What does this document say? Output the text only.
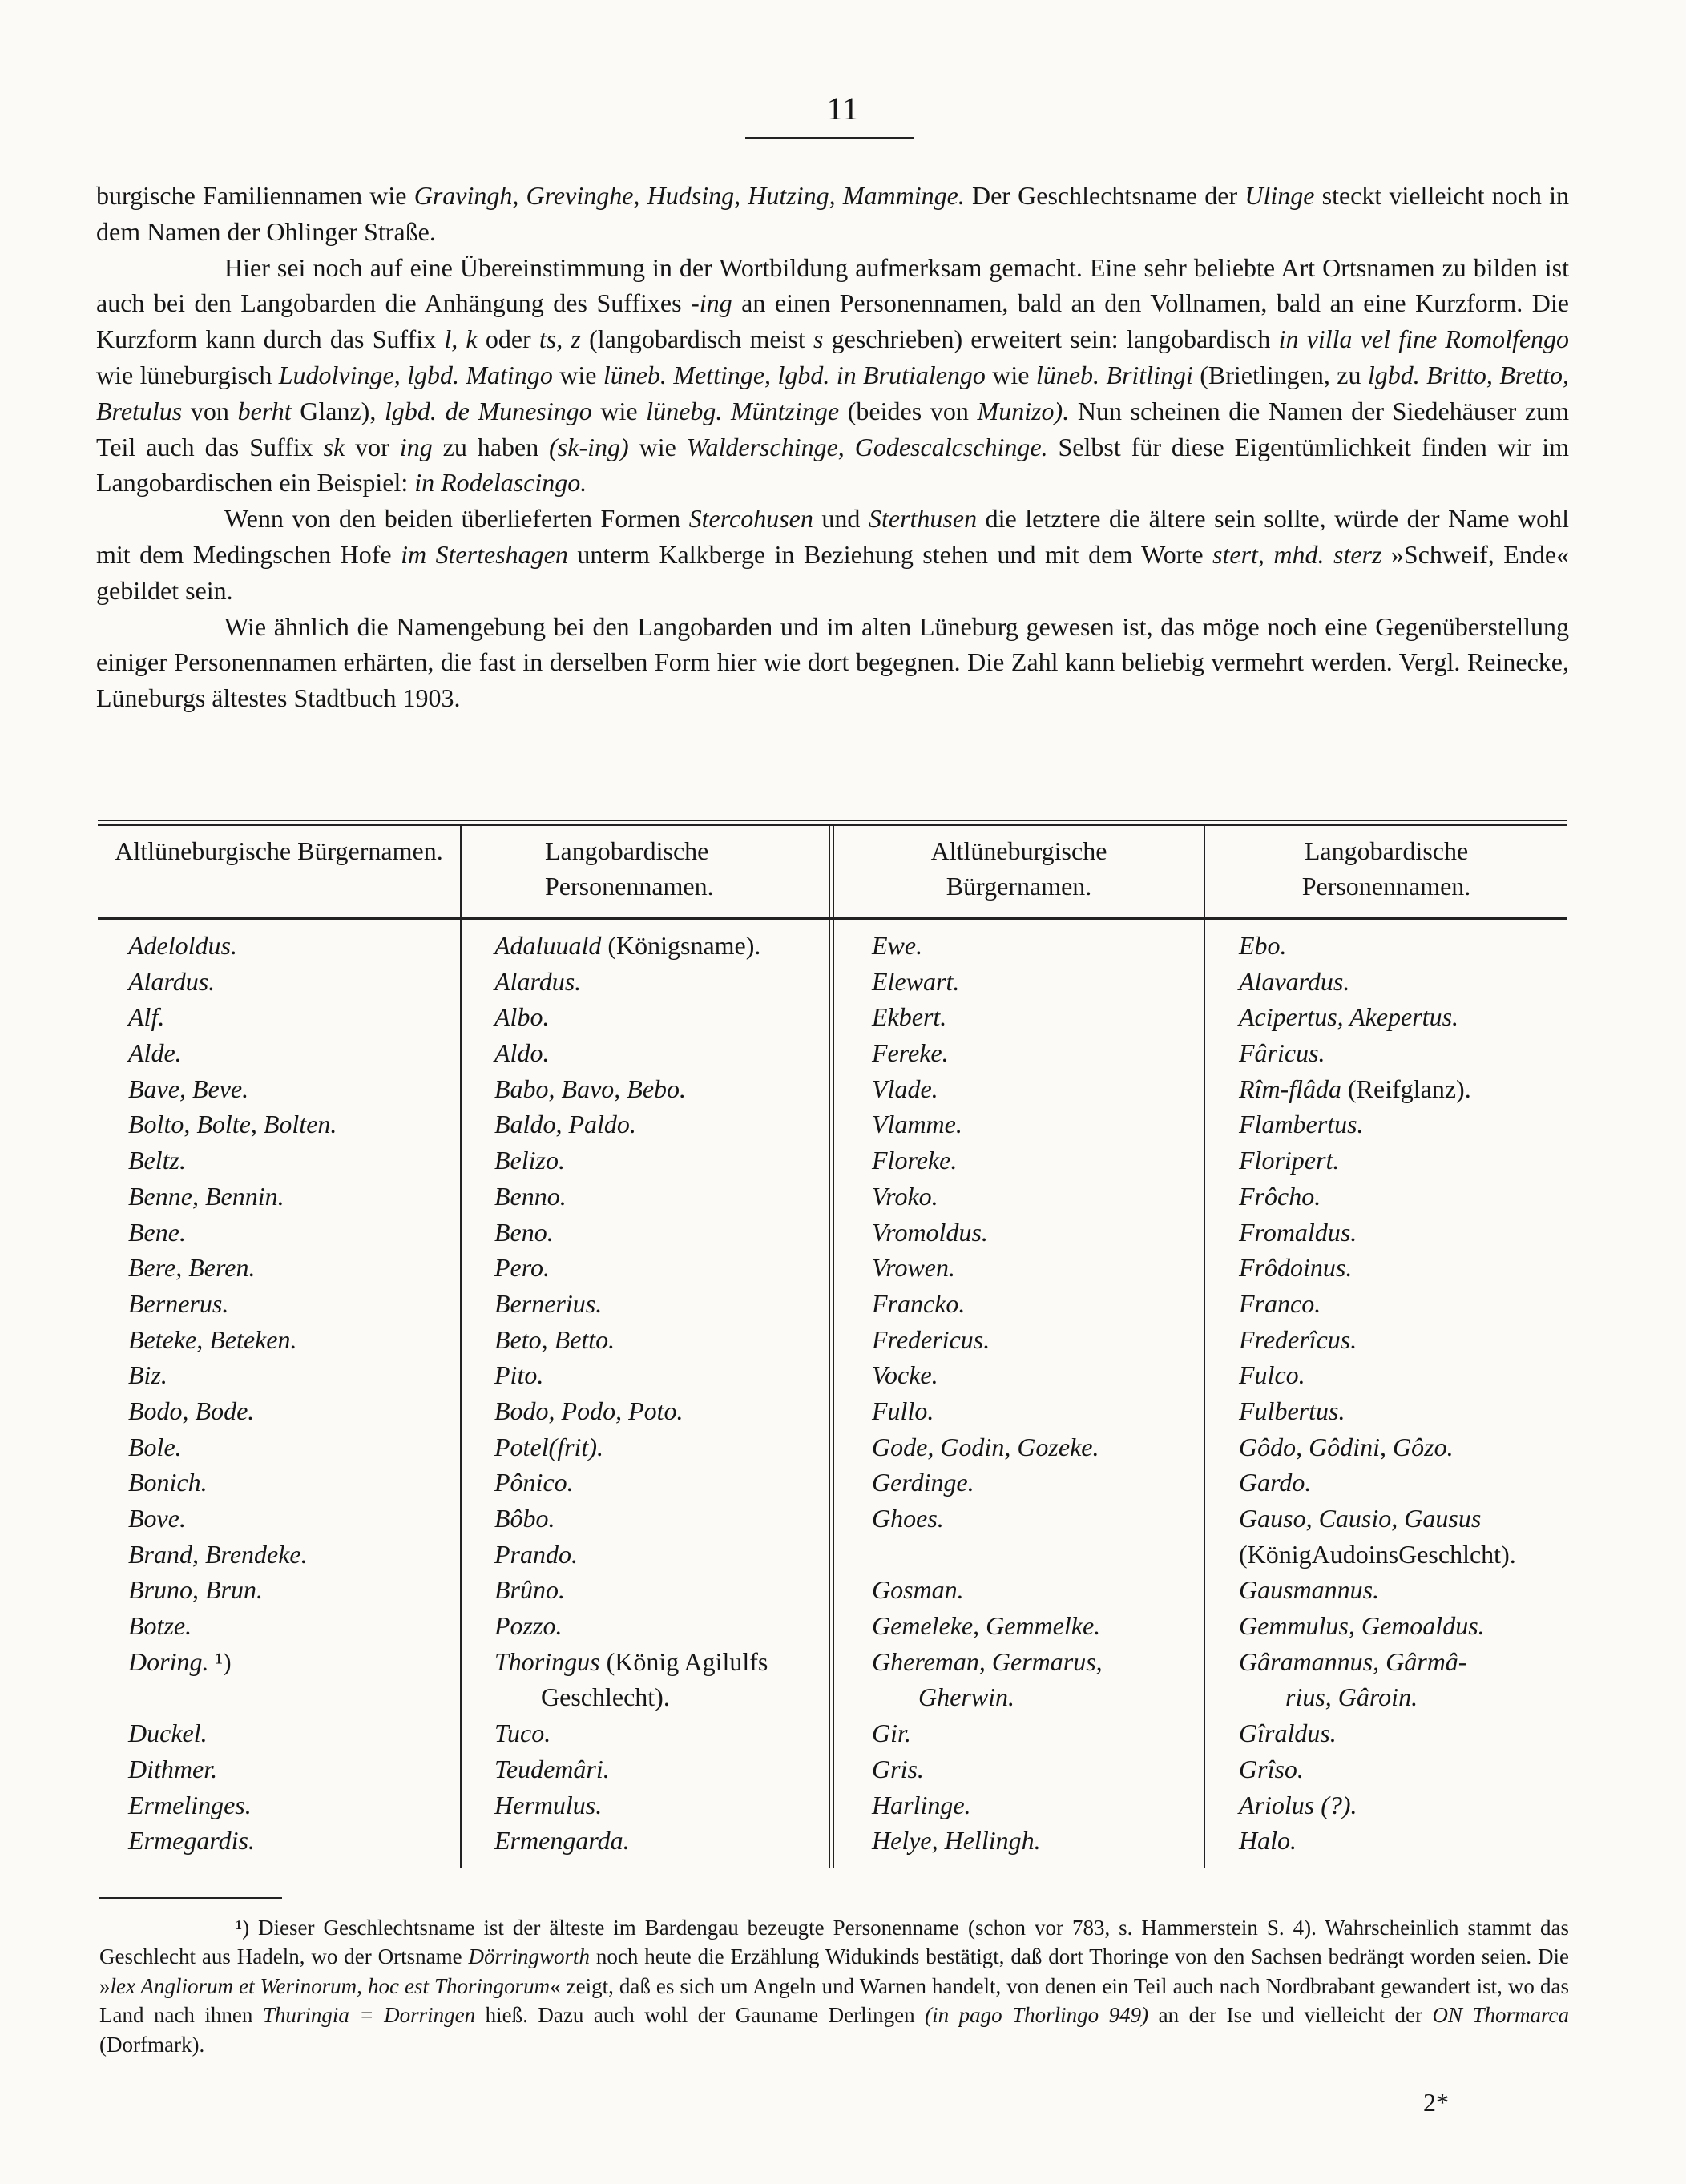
11

burgische Familiennamen wie Gravingh, Grevinghe, Hudsing, Hutzing, Mamminge. Der Geschlechtsname der Ulinge steckt vielleicht noch in dem Namen der Ohlinger Straße.

Hier sei noch auf eine Übereinstimmung in der Wortbildung aufmerksam gemacht. Eine sehr beliebte Art Ortsnamen zu bilden ist auch bei den Langobarden die Anhängung des Suffixes -ing an einen Personennamen, bald an den Vollnamen, bald an eine Kurzform. Die Kurzform kann durch das Suffix l, k oder ts, z (langobardisch meist s geschrieben) erweitert sein: langobardisch in villa vel fine Romolfengo wie lüneburgisch Ludolvinge, lgbd. Matingo wie lüneb. Mettinge, lgbd. in Brutialengo wie lüneb. Britlingi (Brietlingen, zu lgbd. Britto, Bretto, Bretulus von berht Glanz), lgbd. de Munesingo wie lünebg. Müntzinge (beides von Munizo). Nun scheinen die Namen der Siedehäuser zum Teil auch das Suffix sk vor ing zu haben (sk-ing) wie Walderschinge, Godescalcschinge. Selbst für diese Eigentümlichkeit finden wir im Langobardischen ein Beispiel: in Rodelascingo.

Wenn von den beiden überlieferten Formen Stercohusen und Sterthusen die letztere die ältere sein sollte, würde der Name wohl mit dem Medingschen Hofe im Sterteshagen unterm Kalkberge in Beziehung stehen und mit dem Worte stert, mhd. sterz »Schweif, Ende« gebildet sein.

Wie ähnlich die Namengebung bei den Langobarden und im alten Lüneburg gewesen ist, das möge noch eine Gegenüberstellung einiger Personennamen erhärten, die fast in derselben Form hier wie dort begegnen. Die Zahl kann beliebig vermehrt werden. Vergl. Reinecke, Lüneburgs ältestes Stadtbuch 1903.

Altlüneburgische Bürgernamen.	Langobardische Personennamen.
Altlüneburgische Bürgernamen.
Langobardische Personennamen.
Adeloldus.
Alardus.
Alf.
Alde.
Bave, Beve.
Bolto, Bolte, Bolten.
Beltz.
Benne, Bennin.
Bene.
Bere, Beren.
Bernerus.
Beteke, Beteken.
Biz.
Bodo, Bode.
Bole.
Bonich.
Bove.
Brand, Brendeke.
Bruno, Brun.
Botze.
Doring. ¹)
Duckel.
Dithmer.
Ermelinges.
Ermegardis.
Adaluuald (Königsname).
Alardus.
Albo.
Aldo.
Babo, Bavo, Bebo.
Baldo, Paldo.
Belizo.
Benno.
Beno.
Pero.
Bernerius.
Beto, Betto.
Pito.
Bodo, Podo, Poto.
Potel(frit).
Pônico.
Bôbo.
Prando.
Brûno.
Pozzo.
Thoringus (König Agilulfs
Geschlecht).
Tuco.
Teudemâri.
Hermulus.
Ermengarda.
Ewe.
Elewart.
Ekbert.
Fereke.
Vlade.
Vlamme.
Floreke.
Vroko.
Vromoldus.
Vrowen.
Francko.
Fredericus.
Vocke.
Fullo.
Gode, Godin, Gozeke.
Gerdinge.
Ghoes.
Gosman.
Gemeleke, Gemmelke.
Ghereman, Germarus,
Gherwin.
Gir.
Gris.
Harlinge.
Helye, Hellingh.
Ebo.
Alavardus.
Acipertus, Akepertus.
Fâricus.
Rîm-flâda (Reifglanz).
Flambertus.
Floripert.
Frôcho.
Fromaldus.
Frôdoinus.
Franco.
Frederîcus.
Fulco.
Fulbertus.
Gôdo, Gôdini, Gôzo.
Gardo.
Gauso, Causio, Gausus
(KönigAudoinsGeschlcht).
Gausmannus.
Gemmulus, Gemoaldus.
Gâramannus, Gârmâ-
rius, Gâroin.
Gîraldus.
Grîso.
Ariolus (?).
Halo.

¹) Dieser Geschlechtsname ist der älteste im Bardengau bezeugte Personenname (schon vor 783, s. Hammerstein S. 4). Wahrscheinlich stammt das Geschlecht aus Hadeln, wo der Ortsname Dörringworth noch heute die Erzählung Widukinds bestätigt, daß dort Thoringe von den Sachsen bedrängt worden seien. Die »lex Angliorum et Werinorum, hoc est Thoringorum« zeigt, daß es sich um Angeln und Warnen handelt, von denen ein Teil auch nach Nordbrabant gewandert ist, wo das Land nach ihnen Thuringia = Dorringen hieß. Dazu auch wohl der Gauname Derlingen (in pago Thorlingo 949) an der Ise und vielleicht der ON Thormarca (Dorfmark).

2*
